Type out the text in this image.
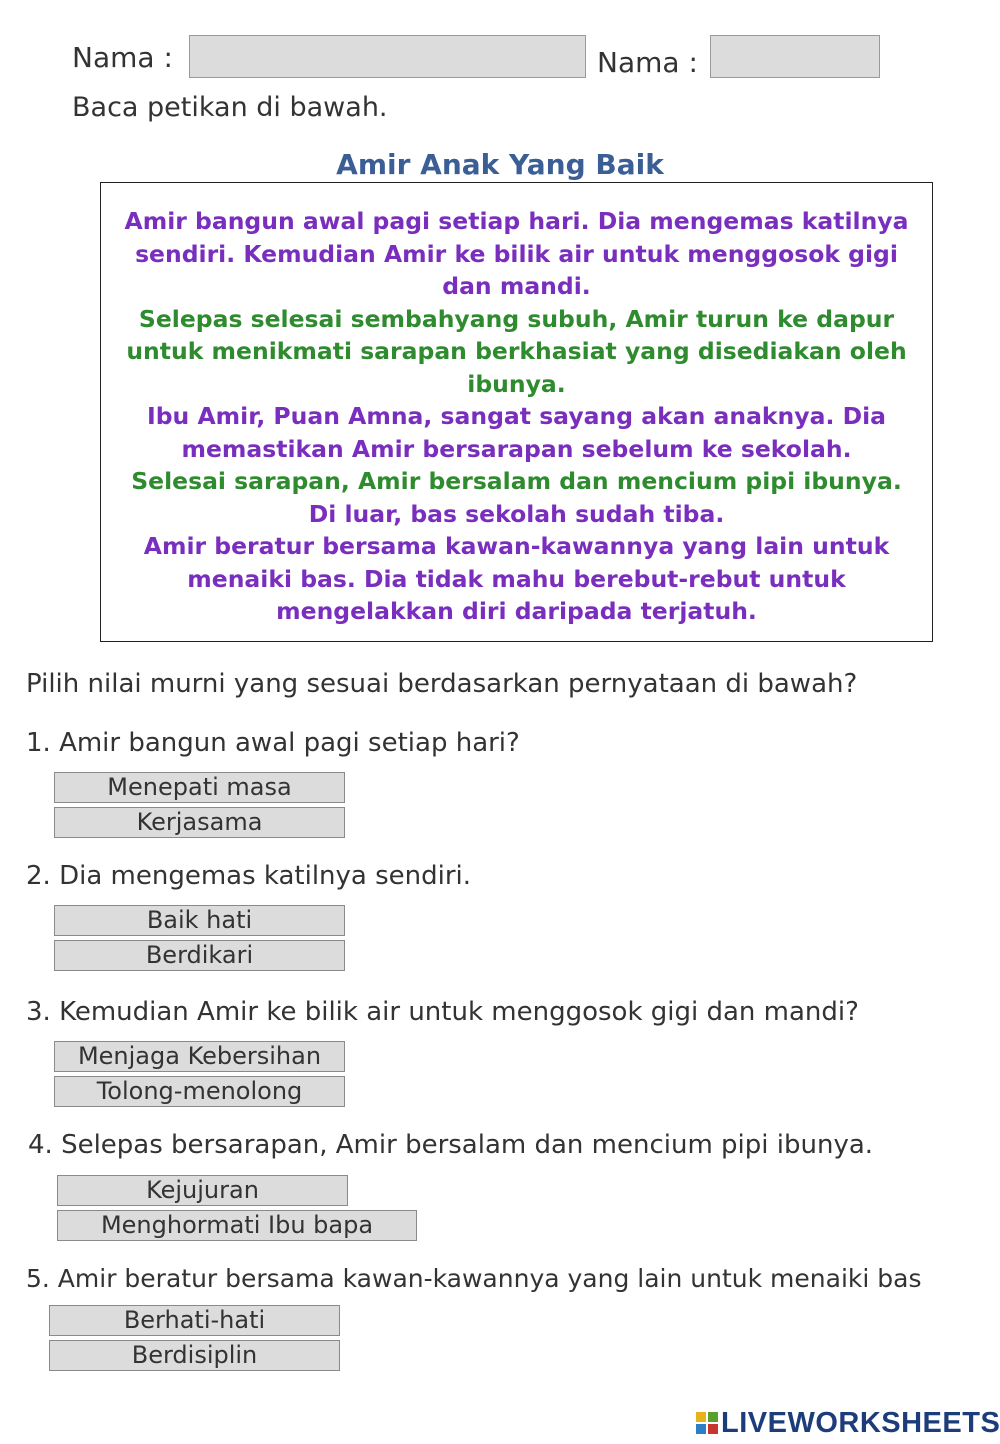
Nama :	Nama :
Baca petikan di bawah.
Amir Anak Yang Baik

Amir bangun awal pagi setiap hari. Dia mengemas katilnya sendiri. Kemudian Amir ke bilik air untuk menggosok gigi dan mandi.

Selepas selesai sembahyang subuh, Amir turun ke dapur untuk menikmati sarapan berkhasiat yang disediakan oleh ibunya.

Ibu Amir, Puan Amna, sangat sayang akan anaknya. Dia memastikan Amir bersarapan sebelum ke sekolah.

Selesai sarapan, Amir bersalam dan mencium pipi ibunya.

Di luar, bas sekolah sudah tiba.

Amir beratur bersama kawan-kawannya yang lain untuk menaiki bas. Dia tidak mahu berebut-rebut untuk mengelakkan diri daripada terjatuh.

Pilih nilai murni yang sesuai berdasarkan pernyataan di bawah?
1. Amir bangun awal pagi setiap hari?
Menepati masa
Kerjasama
2. Dia mengemas katilnya sendiri.
Baik hati
Berdikari
3. Kemudian Amir ke bilik air untuk menggosok gigi dan mandi?
Menjaga Kebersihan
Tolong-menolong
4. Selepas bersarapan, Amir bersalam dan mencium pipi ibunya.
Kejujuran
Menghormati Ibu bapa
5. Amir beratur bersama kawan-kawannya yang lain untuk menaiki bas
Berhati-hati
Berdisiplin
LIVEWORKSHEETS
